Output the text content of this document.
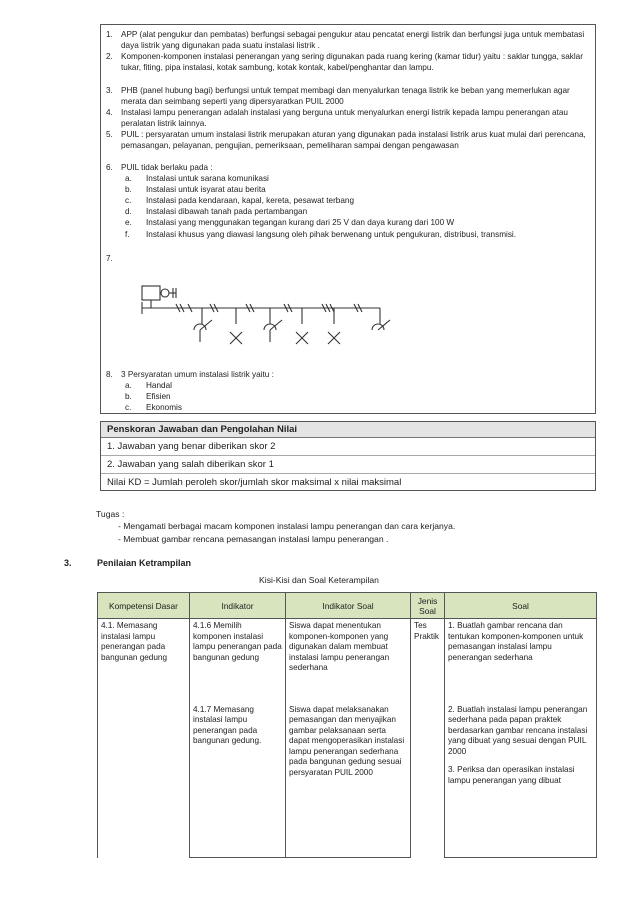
1. APP (alat pengukur dan pembatas) berfungsi sebagai pengukur atau pencatat energi listrik dan berfungsi juga untuk membatasi daya listrik yang digunakan pada suatu instalasi listrik .
2. Komponen-komponen instalasi penerangan yang sering digunakan pada ruang kering (kamar tidur) yaitu : saklar tungga, saklar tukar, fiting, pipa instalasi, kotak sambung, kotak kontak, kabel/penghantar dan lampu.
3. PHB (panel hubung bagi) berfungsi untuk tempat membagi dan menyalurkan tenaga listrik ke beban yang memerlukan agar merata dan seimbang seperti yang dipersyaratkan PUIL 2000
4. Instalasi lampu penerangan adalah instalasi yang berguna untuk menyalurkan energi listrik kepada lampu penerangan atau peralatan listrik lainnya.
5. PUIL : persyaratan umum instalasi listrik merupakan aturan yang digunakan pada instalasi listrik arus kuat mulai dari perencana, pemasangan, pelayanan, pengujian, pemeriksaan, pemeliharan sampai dengan pengawasan
6. PUIL tidak berlaku pada :
a. Instalasi untuk sarana komunikasi
b. Instalasi untuk isyarat atau berita
c. Instalasi pada kendaraan, kapal, kereta, pesawat terbang
d. Instalasi dibawah tanah pada pertambangan
e. Instalasi yang menggunakan tegangan kurang dari 25 V dan daya kurang dari 100 W
f. Instalasi khusus yang diawasi langsung oleh pihak berwenang untuk pengukuran, distribusi, transmisi.
7.
8. 3 Persyaratan umum instalasi listrik yaitu :
a. Handal
b. Efisien
c. Ekonomis
Penskoran Jawaban dan Pengolahan Nilai
1. Jawaban yang benar diberikan skor 2
2. Jawaban yang salah diberikan skor 1
Nilai KD = Jumlah peroleh skor/jumlah skor maksimal x nilai maksimal
Tugas :
- Mengamati berbagai macam komponen instalasi lampu penerangan dan cara kerjanya.
- Membuat gambar rencana pemasangan instalasi lampu penerangan .
3.	Penilaian Ketrampilan
Kisi-Kisi dan Soal Keterampilan
Kompetensi Dasar	Indikator	Indikator Soal	Jenis Soal	Soal

4.1. Memasang instalasi lampu penerangan pada bangunan gedung	4.1.6 Memilih komponen instalasi lampu penerangan pada bangunan gedung	Siswa dapat menentukan komponen-komponen yang digunakan dalam membuat instalasi lampu penerangan sederhana	Tes Praktik	1. Buatlah gambar rencana dan tentukan komponen-komponen untuk pemasangan instalasi lampu penerangan sederhana

	4.1.7 Memasang instalasi lampu penerangan pada bangunan gedung.	Siswa dapat melaksanakan pemasangan dan menyajikan gambar pelaksanaan serta dapat mengoperasikan instalasi lampu penerangan sederhana pada bangunan gedung sesuai persyaratan PUIL 2000		2. Buatlah instalasi lampu penerangan sederhana pada papan praktek berdasarkan gambar rencana instalasi yang dibuat yang sesuai dengan PUIL 2000

3. Periksa dan operasikan instalasi lampu penerangan yang dibuat
